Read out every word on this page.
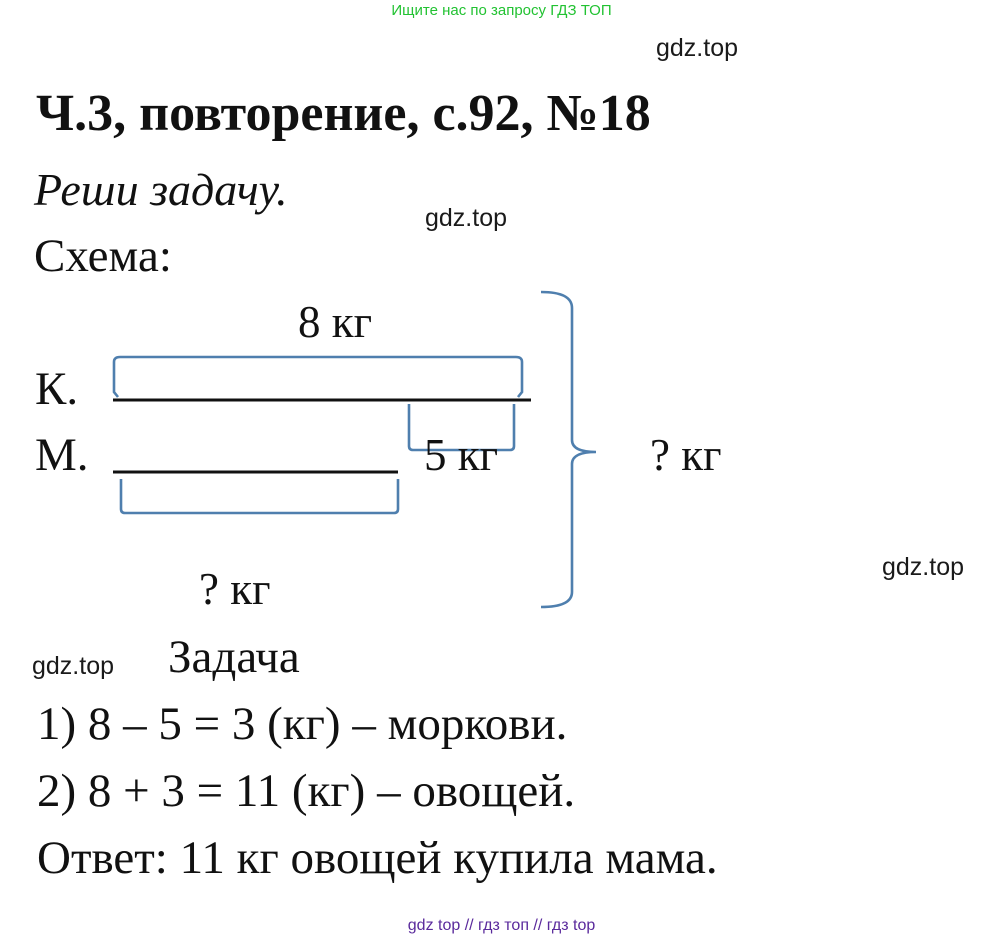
Ищите нас по запросу ГДЗ ТОП
gdz.top
gdz.top
gdz.top
gdz.top
Ч.3, повторение, с.92, №18
Реши задачу.
Схема:
8 кг
К.
М.	5 кг	? кг
? кг
Задача
1) 8 – 5 = 3 (кг) – моркови.
2) 8 + 3 = 11 (кг) – овощей.
Ответ: 11 кг овощей купила мама.
gdz top // гдз топ // гдз top
